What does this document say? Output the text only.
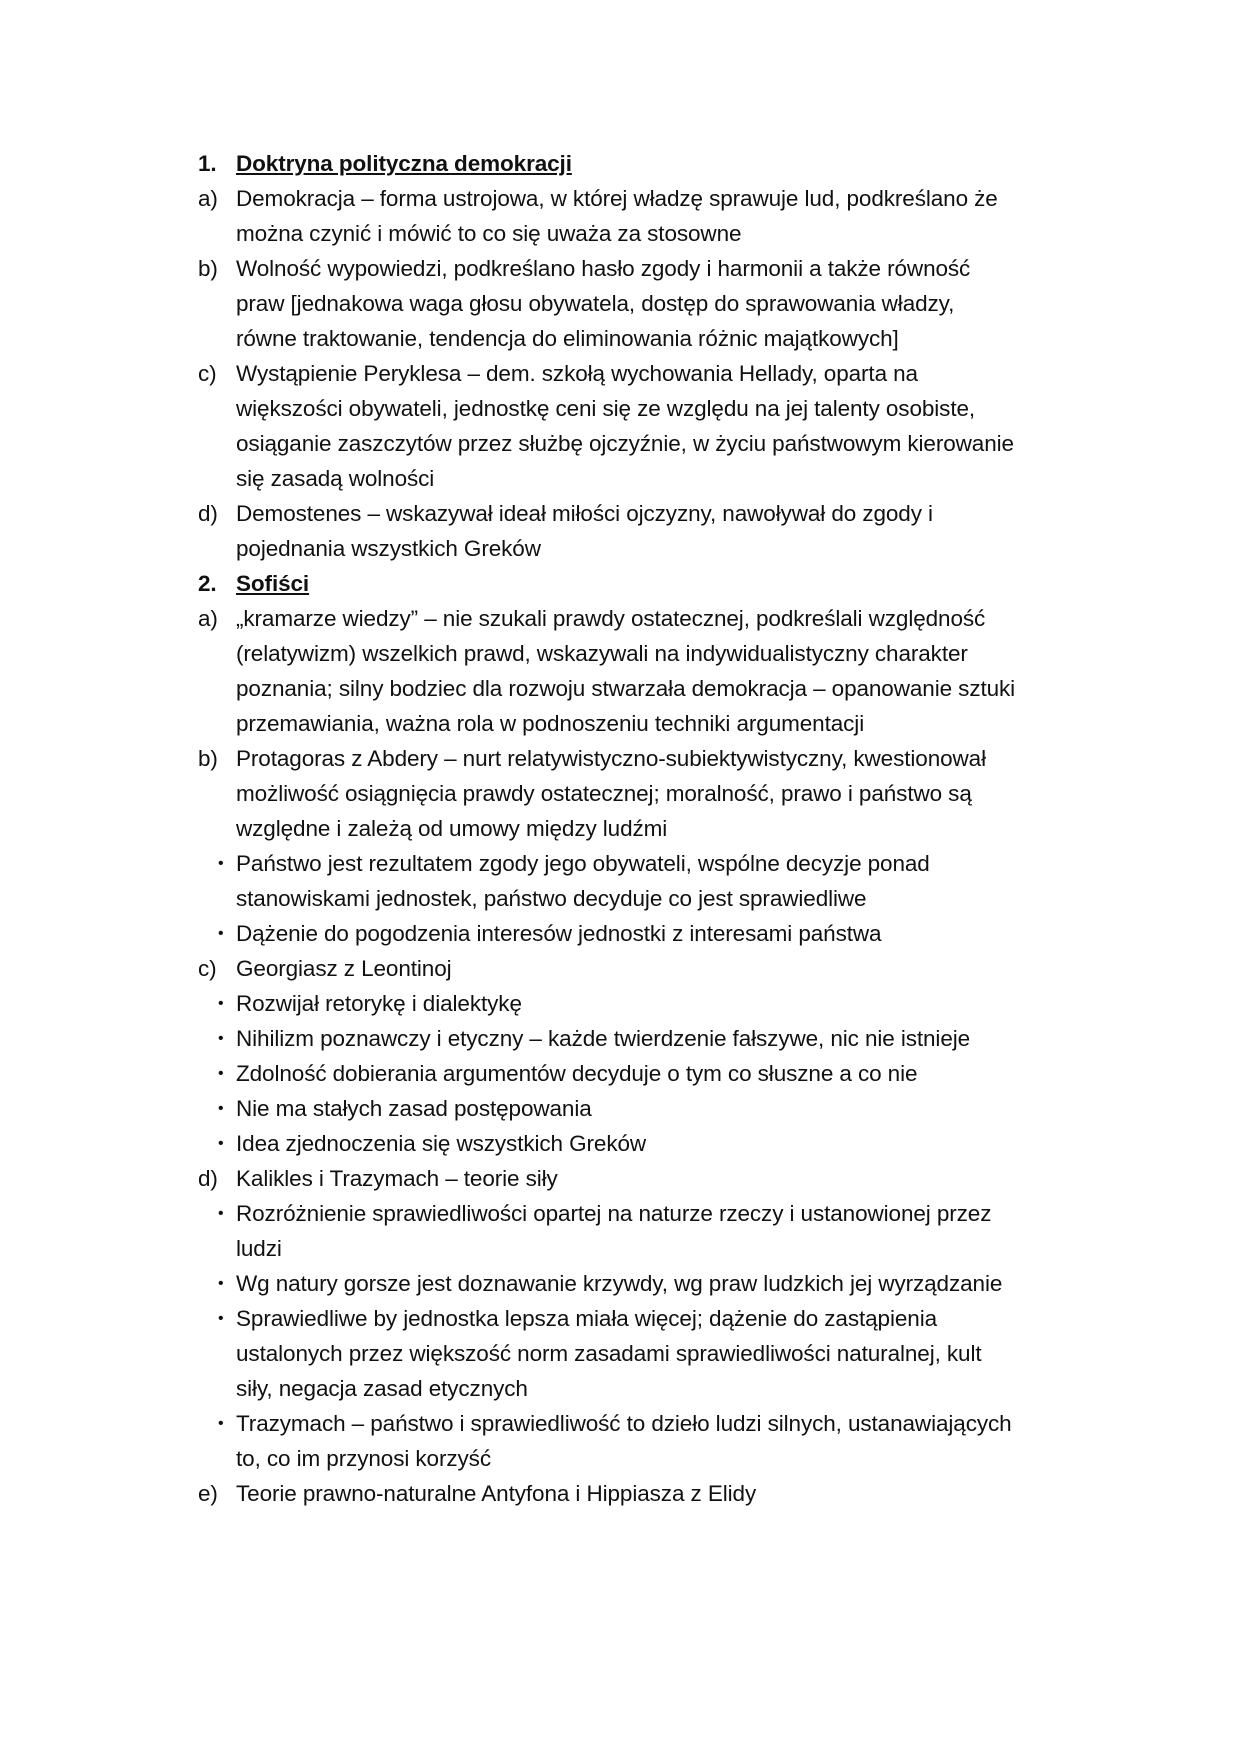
1. Doktryna polityczna demokracji
a) Demokracja – forma ustrojowa, w której władzę sprawuje lud, podkreślano że można czynić i mówić to co się uważa za stosowne
b) Wolność wypowiedzi, podkreślano hasło zgody i harmonii a także równość praw [jednakowa waga głosu obywatela, dostęp do sprawowania władzy, równe traktowanie, tendencja do eliminowania różnic majątkowych]
c) Wystąpienie Peryklesa – dem. szkołą wychowania Hellady, oparta na większości obywateli, jednostkę ceni się ze względu na jej talenty osobiste, osiąganie zaszczytów przez służbę ojczyźnie, w życiu państwowym kierowanie się zasadą wolności
d) Demostenes – wskazywał ideał miłości ojczyzny, nawoływał do zgody i pojednania wszystkich Greków
2. Sofiści
a) „kramarze wiedzy” – nie szukali prawdy ostatecznej, podkreślali względność (relatywizm) wszelkich prawd, wskazywali na indywidualistyczny charakter poznania; silny bodziec dla rozwoju stwarzała demokracja – opanowanie sztuki przemawiania, ważna rola w podnoszeniu techniki argumentacji
b) Protagoras z Abdery – nurt relatywistyczno-subiektywistyczny, kwestionował możliwość osiągnięcia prawdy ostatecznej; moralność, prawo i państwo są względne i zależą od umowy między ludźmi
• Państwo jest rezultatem zgody jego obywateli, wspólne decyzje ponad stanowiskami jednostek, państwo decyduje co jest sprawiedliwe
• Dążenie do pogodzenia interesów jednostki z interesami państwa
c) Georgiasz z Leontinoj
• Rozwijał retorykę i dialektykę
• Nihilizm poznawczy i etyczny – każde twierdzenie fałszywe, nic nie istnieje
• Zdolność dobierania argumentów decyduje o tym co słuszne a co nie
• Nie ma stałych zasad postępowania
• Idea zjednoczenia się wszystkich Greków
d) Kalikles i Trazymach – teorie siły
• Rozróżnienie sprawiedliwości opartej na naturze rzeczy i ustanowionej przez ludzi
• Wg natury gorsze jest doznawanie krzywdy, wg praw ludzkich jej wyrządzanie
• Sprawiedliwe by jednostka lepsza miała więcej; dążenie do zastąpienia ustalonych przez większość norm zasadami sprawiedliwości naturalnej, kult siły, negacja zasad etycznych
• Trazymach – państwo i sprawiedliwość to dzieło ludzi silnych, ustanawiających to, co im przynosi korzyść
e) Teorie prawno-naturalne Antyfona i Hippiasza z Elidy
